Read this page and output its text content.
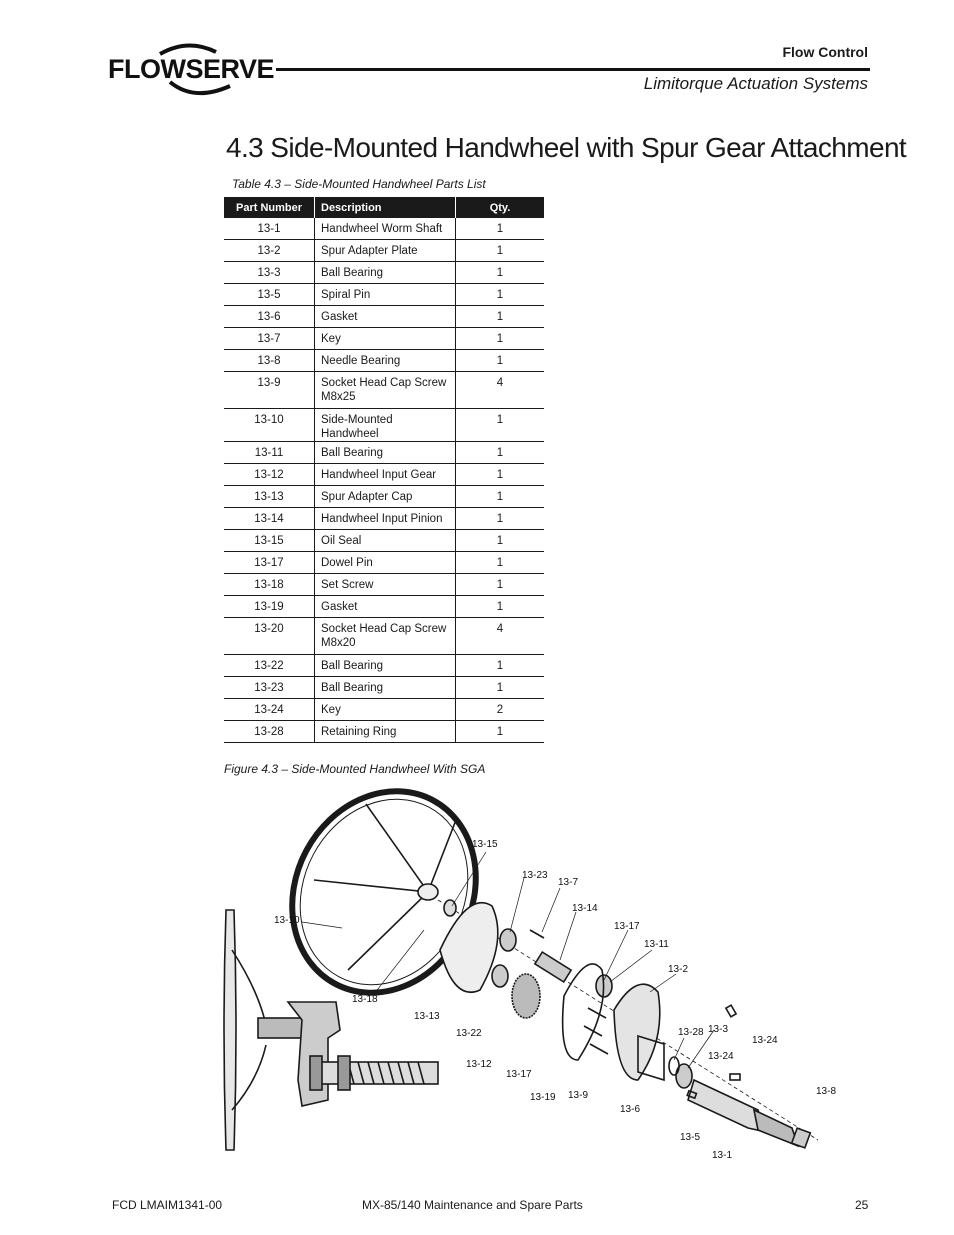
FLOWSERVE
Flow Control
Limitorque Actuation Systems
4.3 Side-Mounted Handwheel with Spur Gear Attachment
Table 4.3 – Side-Mounted Handwheel Parts List
Part Number	Description	Qty.
13-1	Handwheel Worm Shaft	1
13-2	Spur Adapter Plate	1
13-3	Ball Bearing	1
13-5	Spiral Pin	1
13-6	Gasket	1
13-7	Key	1
13-8	Needle Bearing	1
13-9	Socket Head Cap Screw M8x25	4
13-10	Side-Mounted Handwheel	1
13-11	Ball Bearing	1
13-12	Handwheel Input Gear	1
13-13	Spur Adapter Cap	1
13-14	Handwheel Input Pinion	1
13-15	Oil Seal	1
13-17	Dowel Pin	1
13-18	Set Screw	1
13-19	Gasket	1
13-20	Socket Head Cap Screw M8x20	4
13-22	Ball Bearing	1
13-23	Ball Bearing	1
13-24	Key	2
13-28	Retaining Ring	1
Figure 4.3 – Side-Mounted Handwheel With SGA
13-15
13-23
13-7
13-14
13-17
13-11
13-2
13-10
13-18
13-13
13-22
13-12
13-17
13-19 13-9
13-6
13-28 13-3
13-24
13-24
13-8
13-5
13-1
FCD LMAIM1341-00	MX-85/140 Maintenance and Spare Parts	25
